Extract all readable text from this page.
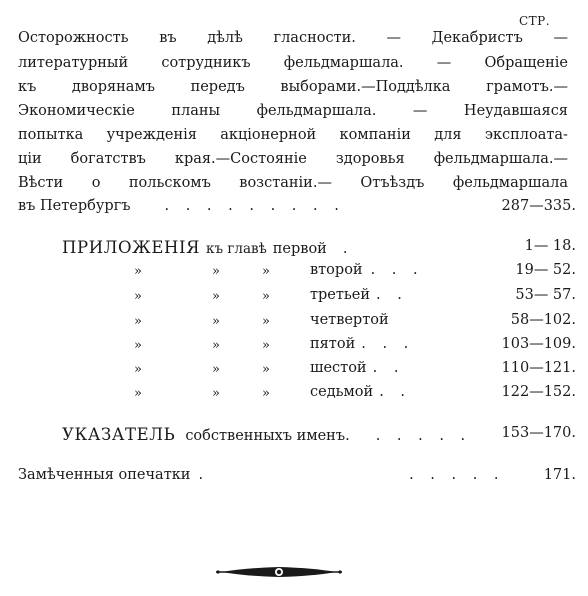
СТР.
Осторожность въ дѣлѣ гласности. — Декабристъ —
литературный сотрудникъ фельдмаршала. — Обращеніе
къ дворянамъ передъ выборами.—Поддѣлка грамотъ.—
Экономическіе	планы	фельдмаршала.	—	Неудавшаяся
попытка учрежденія акціонерной компаніи для эксплоата-
ціи богатствъ края.—Состояніе здоровья фельдмаршала.—
Вѣсти о польскомъ возстаніи.— Отъѣздъ фельдмаршала
въ Петербургъ . . . . . . . . .	287—335.
ПРИЛОЖЕНІЯ къ главѣ первой .	1— 18.
»	»	»	второй . . .	19— 52.
»	»	»	третьей . .	53— 57.
»	»	»	четвертой	58—102.
»	»	»	пятой . . .	103—109.
»	»	»	шестой . .	110—121.
»	»	»	седьмой . .	122—152.
УКАЗАТЕЛЬ собственныхъ именъ . . . . . . 153—170.
Замѣченныя опечатки .	. . . . .	171.
